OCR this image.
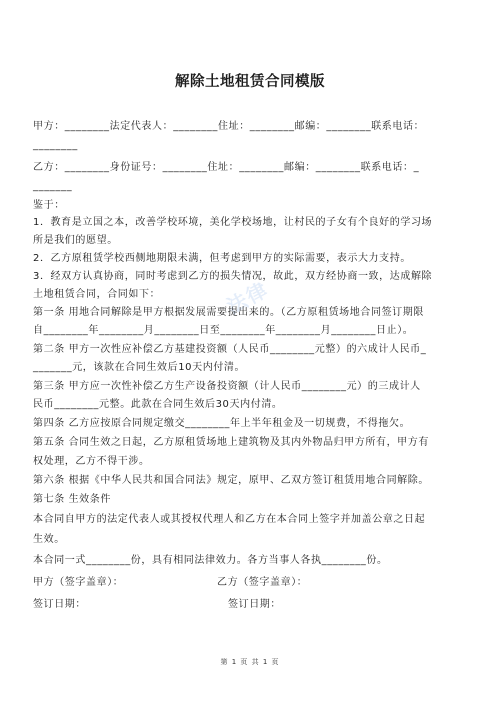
法律
解除土地租赁合同模版
甲方：________法定代表人：________住址：________邮编：________联系电话：
________
乙方：________身份证号：________住址：________邮编：________联系电话：_
_______
鉴于：
1．教育是立国之本，改善学校环境，美化学校场地，让村民的子女有个良好的学习场
所是我们的愿望。
2．乙方原租赁学校西侧地期限未满，但考虑到甲方的实际需要，表示大力支持。
3．经双方认真协商，同时考虑到乙方的损失情况，故此，双方经协商一致，达成解除
土地租赁合同，合同如下：
第一条 用地合同解除是甲方根据发展需要提出来的。（乙方原租赁场地合同签订期限
自________年________月________日至________年________月________日止）。
第二条 甲方一次性应补偿乙方基建投资额（人民币________元整）的六成计人民币_
_______元，该款在合同生效后10天内付清。
第三条 甲方应一次性补偿乙方生产设备投资额（计人民币________元）的三成计人
民币________元整。此款在合同生效后30天内付清。
第四条 乙方应按原合同规定缴交________年上半年租金及一切规费，不得拖欠。
第五条 合同生效之日起，乙方原租赁场地上建筑物及其内外物品归甲方所有，甲方有
权处理，乙方不得干涉。
第六条 根据《中华人民共和国合同法》规定，原甲、乙双方签订租赁用地合同解除。
第七条 生效条件
本合同自甲方的法定代表人或其授权代理人和乙方在本合同上签字并加盖公章之日起
生效。
本合同一式________份，具有相同法律效力。各方当事人各执________份。
甲方（签字盖章）：	乙方（签字盖章）：
签订日期：	签订日期：
第 1 页 共 1 页
